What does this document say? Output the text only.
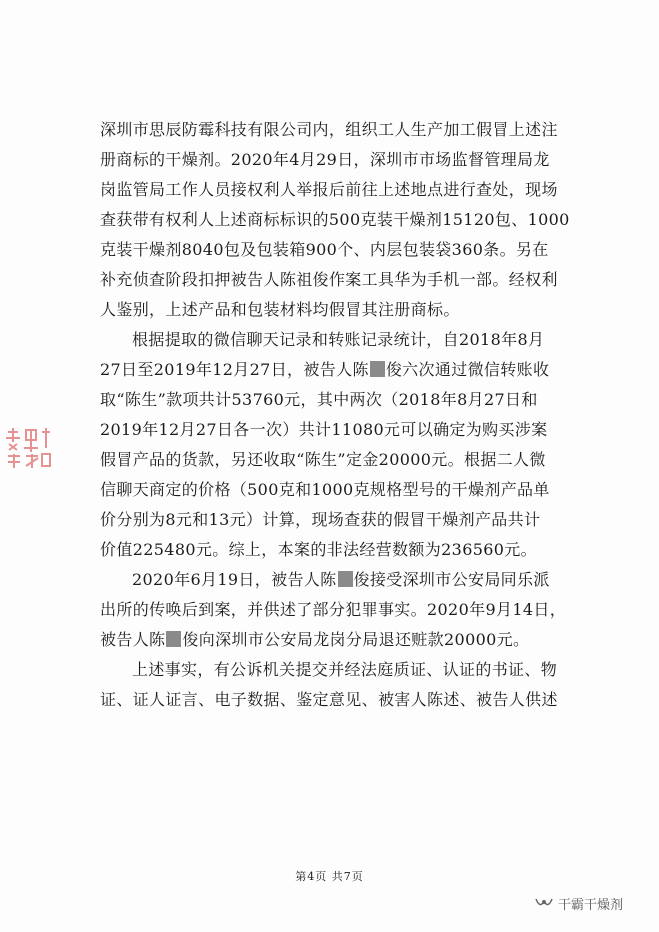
深圳市思辰防霉科技有限公司内，组织工人生产加工假冒上述注
册商标的干燥剂。2020年4月29日，深圳市市场监督管理局龙
岗监管局工作人员接权利人举报后前往上述地点进行查处，现场
查获带有权利人上述商标标识的500克装干燥剂15120包、1000
克装干燥剂8040包及包装箱900个、内层包装袋360条。另在
补充侦查阶段扣押被告人陈祖俊作案工具华为手机一部。经权利
人鉴别，上述产品和包装材料均假冒其注册商标。
根据提取的微信聊天记录和转账记录统计，自2018年8月
27日至2019年12月27日，被告人陈 俊六次通过微信转账收
取“陈生”款项共计53760元，其中两次（2018年8月27日和
2019年12月27日各一次）共计11080元可以确定为购买涉案
假冒产品的货款，另还收取“陈生”定金20000元。根据二人微
信聊天商定的价格（500克和1000克规格型号的干燥剂产品单
价分别为8元和13元）计算，现场查获的假冒干燥剂产品共计
价值225480元。综上，本案的非法经营数额为236560元。
2020年6月19日，被告人陈 俊接受深圳市公安局同乐派
出所的传唤后到案，并供述了部分犯罪事实。2020年9月14日，
被告人陈 俊向深圳市公安局龙岗分局退还赃款20000元。
上述事实，有公诉机关提交并经法庭质证、认证的书证、物
证、证人证言、电子数据、鉴定意见、被害人陈述、被告人供述
第4页 共7页
干霸干燥剂
